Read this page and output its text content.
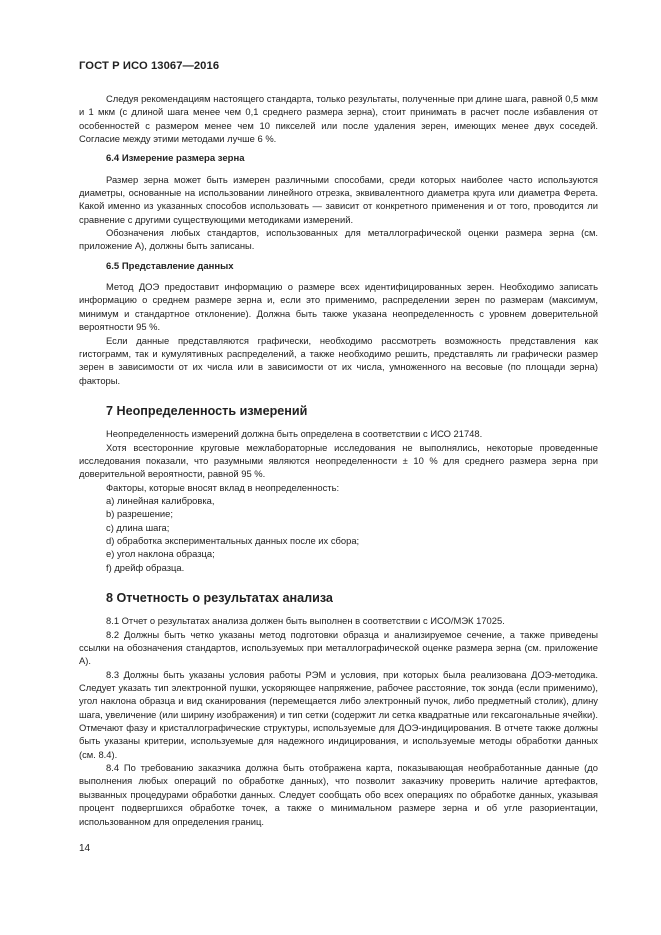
ГОСТ Р ИСО 13067—2016

Следуя рекомендациям настоящего стандарта, только результаты, полученные при длине шага, равной 0,5 мкм и 1 мкм (с длиной шага менее чем 0,1 среднего размера зерна), стоит принимать в расчет после избавления от особенностей с размером менее чем 10 пикселей или после удаления зерен, имеющих менее двух соседей. Согласие между этими методами лучше 6 %.

6.4 Измерение размера зерна

Размер зерна может быть измерен различными способами, среди которых наиболее часто используются диаметры, основанные на использовании линейного отрезка, эквивалентного диаметра круга или диаметра Ферета. Какой именно из указанных способов использовать — зависит от конкретного применения и от того, проводится ли сравнение с другими существующими методиками измерений.

Обозначения любых стандартов, использованных для металлографической оценки размера зерна (см. приложение А), должны быть записаны.

6.5 Представление данных

Метод ДОЭ предоставит информацию о размере всех идентифицированных зерен. Необходимо записать информацию о среднем размере зерна и, если это применимо, распределении зерен по размерам (максимум, минимум и стандартное отклонение). Должна быть также указана неопределенность с уровнем доверительной вероятности 95 %.

Если данные представляются графически, необходимо рассмотреть возможность представления как гистограмм, так и кумулятивных распределений, а также необходимо решить, представлять ли графически размер зерен в зависимости от их числа или в зависимости от их числа, умноженного на весовые (по площади зерна) факторы.

7 Неопределенность измерений

Неопределенность измерений должна быть определена в соответствии с ИСО 21748.

Хотя всесторонние круговые межлабораторные исследования не выполнялись, некоторые проведенные исследования показали, что разумными являются неопределенности ± 10 % для среднего размера зерна при доверительной вероятности, равной 95 %.

Факторы, которые вносят вклад в неопределенность:

a) линейная калибровка,

b) разрешение;

c) длина шага;

d) обработка экспериментальных данных после их сбора;

e) угол наклона образца;

f) дрейф образца.

8 Отчетность о результатах анализа

8.1 Отчет о результатах анализа должен быть выполнен в соответствии с ИСО/МЭК 17025.

8.2 Должны быть четко указаны метод подготовки образца и анализируемое сечение, а также приведены ссылки на обозначения стандартов, используемых при металлографической оценке размера зерна (см. приложение А).

8.3 Должны быть указаны условия работы РЭМ и условия, при которых была реализована ДОЭ-методика. Следует указать тип электронной пушки, ускоряющее напряжение, рабочее расстояние, ток зонда (если применимо), угол наклона образца и вид сканирования (перемещается либо электронный пучок, либо предметный столик), длину шага, увеличение (или ширину изображения) и тип сетки (содержит ли сетка квадратные или гексагональные ячейки). Отмечают фазу и кристаллографические структуры, используемые для ДОЭ-индицирования. В отчете также должны быть указаны критерии, используемые для надежного индицирования, и используемые методы обработки данных (см. 8.4).

8.4 По требованию заказчика должна быть отображена карта, показывающая необработанные данные (до выполнения любых операций по обработке данных), что позволит заказчику проверить наличие артефактов, вызванных процедурами обработки данных. Следует сообщать обо всех операциях по обработке данных, указывая процент подвергшихся обработке точек, а также о минимальном размере зерна и об угле разориентации, использованном для определения границ.

14
